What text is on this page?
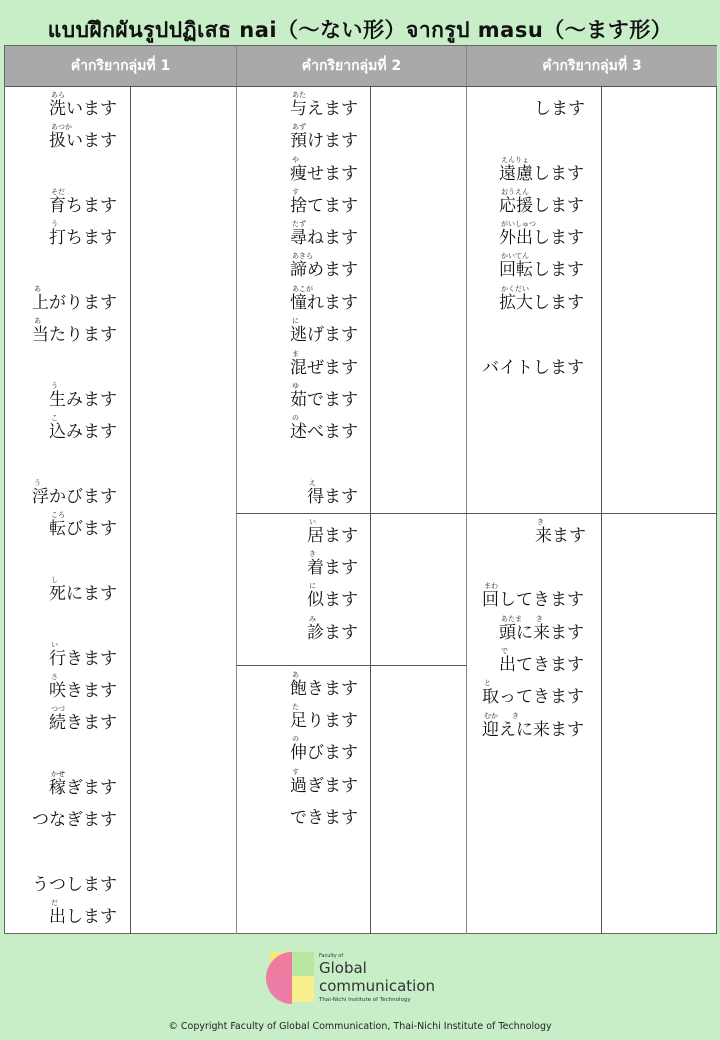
แบบฝึกผันรูปปฏิเสธ nai（～ない形）จากรูป masu（～ます形）
คำกริยากลุ่มที่ 1	คำกริยากลุ่มที่ 2	คำกริยากลุ่มที่ 3
洗います
あら
扱います
あつか
育ちます
そだ
打ちます
う
上がります
あ
当たります
あ
生みます
う
込みます
こ
浮かびます
う
転びます
ころ
死にます
し
行きます
い
咲きます
さ
続きます
つづ
稼ぎます
かせ
つなぎます
うつします
出します
だ
与えます
あた
預けます
あず
痩せます
や
捨てます
す
尋ねます
たず
諦めます
あきら
憧れます
あこが
逃げます
に
混ぜます
ま
茹でます
ゆ
述べます
の
得ます
え
居ます
い
着ます
き
似ます
に
診ます
み
飽きます
あ
足ります
た
伸びます
の
過ぎます
す
できます
します
遠慮します
えんりょ
応援します
おうえん
外出します
がいしゅつ
回転します
かいてん
拡大します
かくだい
バイトします
来ます
き
回してきます
まわ
頭に来ます
あたま　　き
出てきます
で
取ってきます
と
迎えに来ます
むか　　き
Faculty of
Global
communication
Thai-Nichi Institute of Technology
© Copyright Faculty of Global Communication, Thai-Nichi Institute of Technology
